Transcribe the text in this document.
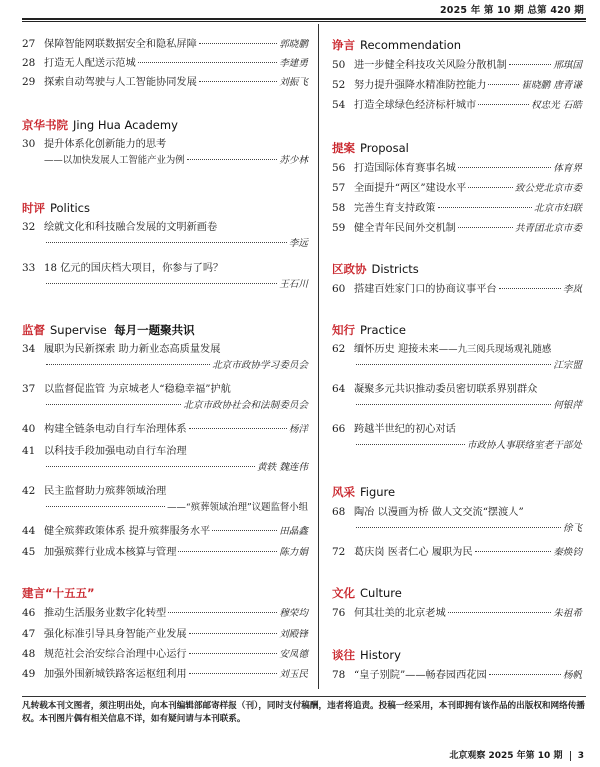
2025 年 第 10 期 总第 420 期
27 保障智能网联数据安全和隐私屏障	郭晓鹏
28 打造无人配送示范城	李建勇
29 探索自动驾驶与人工智能协同发展	刘振飞
京华书院 Jing Hua Academy
30 提升体系化创新能力的思考
——以加快发展人工智能产业为例	苏少林
时评 Politics
32 绘就文化和科技融合发展的文明新画卷
李远
33 18 亿元的国庆档大项目，你参与了吗？
王石川
监督 Supervise 每月一题聚共识
34 履职为民新探索 助力新业态高质量发展
北京市政协学习委员会
37 以监督促监管 为京城老人“稳稳幸福”护航
北京市政协社会和法制委员会
40 构建全链条电动自行车治理体系	杨洋
41 以科技手段加强电动自行车治理
黄轶 魏连伟
42 民主监督助力殡葬领域治理
——“殡葬领域治理”议题监督小组
44 健全殡葬政策体系 提升殡葬服务水平	田晶鑫
45 加强殡葬行业成本核算与管理	陈力娟
建言“十五五”
46 推动生活服务业数字化转型	穆荣均
47 强化标准引导具身智能产业发展	刘殿锋
48 规范社会治安综合治理中心运行	安凤德
49 加强外围新城铁路客运枢纽利用	刘玉民
诤言 Recommendation
50 进一步健全科技攻关风险分散机制	邢琪国
52 努力提升强降水精准防控能力	崔晓鹏 唐青谦
54 打造全球绿色经济标杆城市	权忠光 石皓
提案 Proposal
56 打造国际体育赛事名城	体育界
57 全面提升“两区”建设水平	致公党北京市委
58 完善生育支持政策	北京市妇联
59 健全青年民间外交机制	共青团北京市委
区政协 Districts
60 搭建百姓家门口的协商议事平台	李岚
知行 Practice
62 缅怀历史 迎接未来 ——九三阅兵现场观礼随感
江宗盟
64 凝聚多元共识推动委员密切联系界别群众
何银萍
66 跨越半世纪的初心对话
市政协人事联络室老干部处
风采 Figure
68 陶冶 以漫画为桥 做人文交流“摆渡人”
徐飞
72 葛庆岗 医者仁心 履职为民	秦焕钧
文化 Culture
76 何其壮美的北京老城	朱祖希
谈往 History
78 “皇子别院”——畅春园西花园	杨帆
凡转载本刊文图者，须注明出处，向本刊编辑部邮寄样报（刊），同时支付稿酬，违者将追责。投稿一经采用，本刊即拥有该作品的出版权和网络传播权。本刊图片偶有相关信息不详，如有疑问请与本刊联系。
北京观察 2025 年第 10 期 3
